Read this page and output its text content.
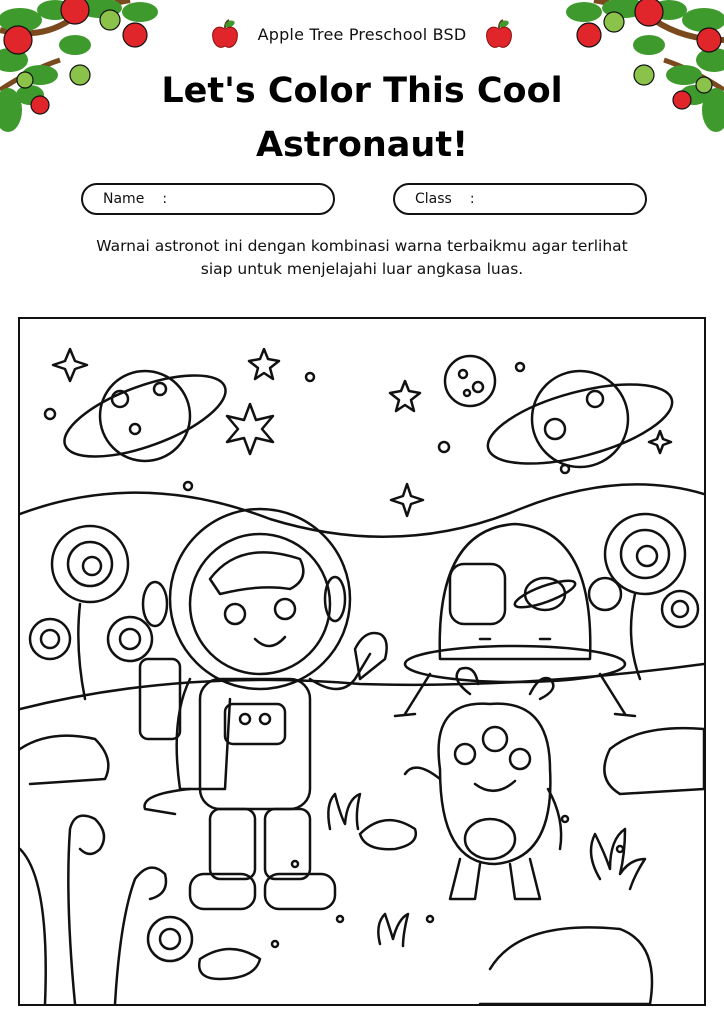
Apple Tree Preschool BSD
Let's Color This Cool
Astronaut!
Name :	Class :
Warnai astronot ini dengan kombinasi warna terbaikmu agar terlihat
siap untuk menjelajahi luar angkasa luas.
